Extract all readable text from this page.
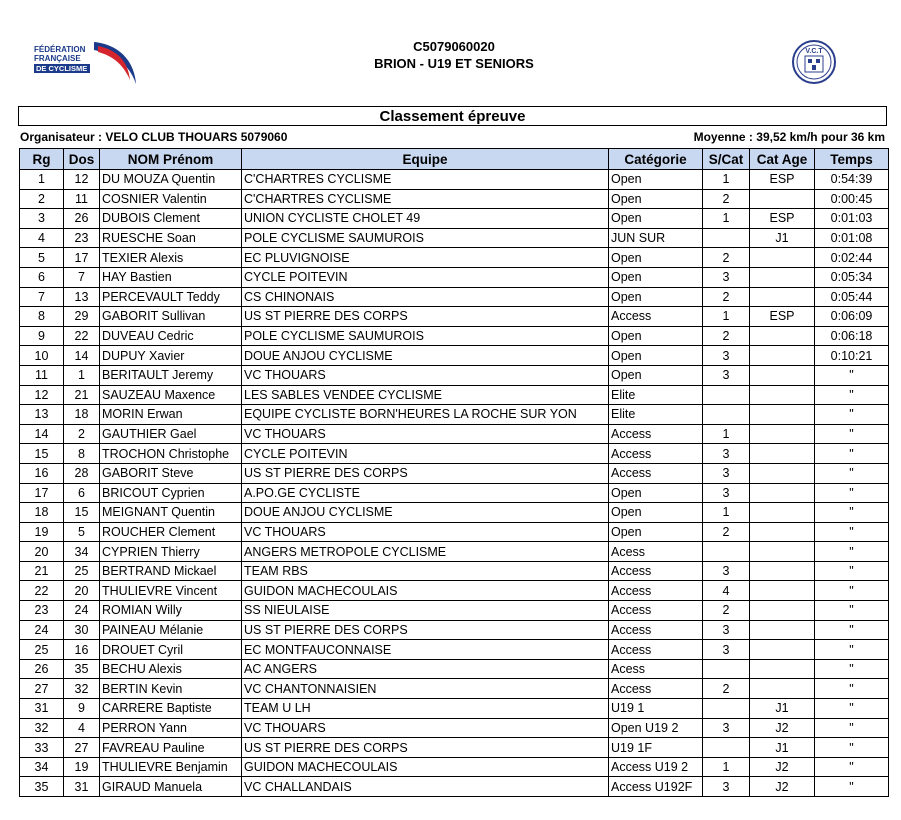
FÉDÉRATION
FRANÇAISE
DE CYCLISME
C5079060020
BRION - U19 ET SENIORS
V.C.T
Classement épreuve
Organisateur : VELO CLUB THOUARS 5079060	Moyenne : 39,52 km/h pour 36 km
Rg	Dos	NOM Prénom	Equipe	Catégorie	S/Cat	Cat Age	Temps
1	12	DU MOUZA Quentin	C'CHARTRES CYCLISME	Open	1	ESP	0:54:39
2	11	COSNIER Valentin	C'CHARTRES CYCLISME	Open	2		0:00:45
3	26	DUBOIS Clement	UNION CYCLISTE CHOLET 49	Open	1	ESP	0:01:03
4	23	RUESCHE Soan	POLE CYCLISME SAUMUROIS	JUN SUR		J1	0:01:08
5	17	TEXIER Alexis	EC PLUVIGNOISE	Open	2		0:02:44
6	7	HAY Bastien	CYCLE POITEVIN	Open	3		0:05:34
7	13	PERCEVAULT Teddy	CS CHINONAIS	Open	2		0:05:44
8	29	GABORIT Sullivan	US ST PIERRE DES CORPS	Access	1	ESP	0:06:09
9	22	DUVEAU Cedric	POLE CYCLISME SAUMUROIS	Open	2		0:06:18
10	14	DUPUY Xavier	DOUE ANJOU CYCLISME	Open	3		0:10:21
11	1	BERITAULT Jeremy	VC THOUARS	Open	3		"
12	21	SAUZEAU Maxence	LES SABLES VENDEE CYCLISME	Elite			"
13	18	MORIN Erwan	EQUIPE CYCLISTE BORN'HEURES LA ROCHE SUR YON	Elite			"
14	2	GAUTHIER Gael	VC THOUARS	Access	1		"
15	8	TROCHON Christophe	CYCLE POITEVIN	Access	3		"
16	28	GABORIT Steve	US ST PIERRE DES CORPS	Access	3		"
17	6	BRICOUT Cyprien	A.PO.GE CYCLISTE	Open	3		"
18	15	MEIGNANT Quentin	DOUE ANJOU CYCLISME	Open	1		"
19	5	ROUCHER Clement	VC THOUARS	Open	2		"
20	34	CYPRIEN Thierry	ANGERS METROPOLE CYCLISME	Acess			"
21	25	BERTRAND Mickael	TEAM RBS	Access	3		"
22	20	THULIEVRE Vincent	GUIDON MACHECOULAIS	Access	4		"
23	24	ROMIAN Willy	SS NIEULAISE	Access	2		"
24	30	PAINEAU Mélanie	US ST PIERRE DES CORPS	Access	3		"
25	16	DROUET Cyril	EC MONTFAUCONNAISE	Access	3		"
26	35	BECHU Alexis	AC ANGERS	Acess			"
27	32	BERTIN Kevin	VC CHANTONNAISIEN	Access	2		"
31	9	CARRERE Baptiste	TEAM U LH	U19 1		J1	"
32	4	PERRON Yann	VC THOUARS	Open U19 2	3	J2	"
33	27	FAVREAU Pauline	US ST PIERRE DES CORPS	U19 1F		J1	"
34	19	THULIEVRE Benjamin	GUIDON MACHECOULAIS	Access U19 2	1	J2	"
35	31	GIRAUD Manuela	VC CHALLANDAIS	Access U192F	3	J2	"
